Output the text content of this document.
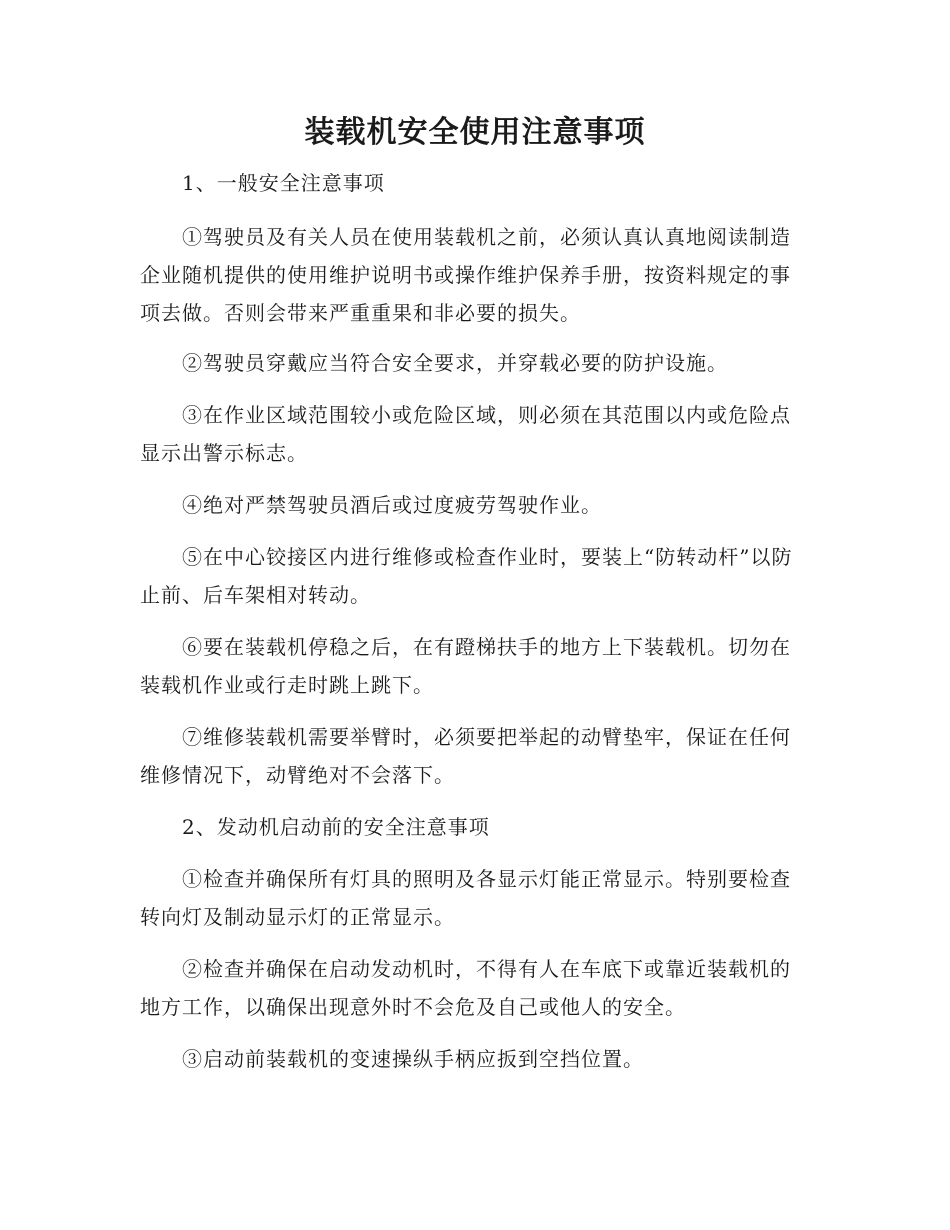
装载机安全使用注意事项

1、一般安全注意事项

①驾驶员及有关人员在使用装载机之前，必须认真认真地阅读制造企业随机提供的使用维护说明书或操作维护保养手册，按资料规定的事项去做。否则会带来严重重果和非必要的损失。

②驾驶员穿戴应当符合安全要求，并穿载必要的防护设施。

③在作业区域范围较小或危险区域，则必须在其范围以内或危险点显示出警示标志。

④绝对严禁驾驶员酒后或过度疲劳驾驶作业。

⑤在中心铰接区内进行维修或检查作业时，要装上“防转动杆”以防止前、后车架相对转动。

⑥要在装载机停稳之后，在有蹬梯扶手的地方上下装载机。切勿在装载机作业或行走时跳上跳下。

⑦维修装载机需要举臂时，必须要把举起的动臂垫牢，保证在任何维修情况下，动臂绝对不会落下。

2、发动机启动前的安全注意事项

①检查并确保所有灯具的照明及各显示灯能正常显示。特别要检查转向灯及制动显示灯的正常显示。

②检查并确保在启动发动机时，不得有人在车底下或靠近装载机的地方工作，以确保出现意外时不会危及自己或他人的安全。

③启动前装载机的变速操纵手柄应扳到空挡位置。
